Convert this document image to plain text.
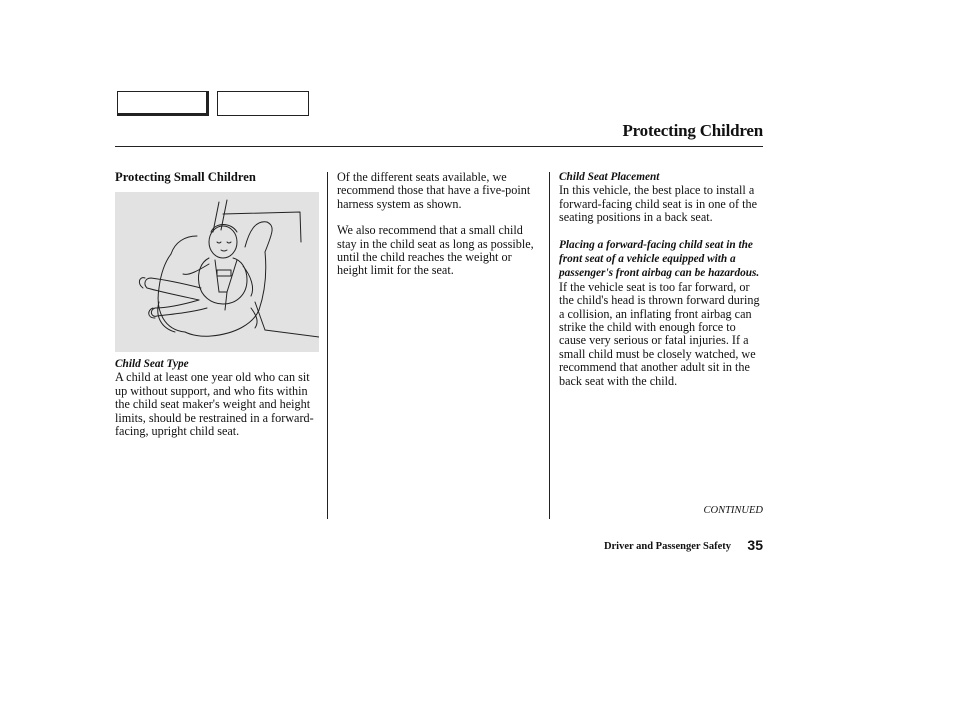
Protecting Children
Protecting Small Children
Child Seat Type

A child at least one year old who can sit up without support, and who fits within the child seat maker's weight and height limits, should be restrained in a forward-facing, upright child seat.

Of the different seats available, we recommend those that have a five-point harness system as shown.

We also recommend that a small child stay in the child seat as long as possible, until the child reaches the weight or height limit for the seat.

Child Seat Placement

In this vehicle, the best place to install a forward-facing child seat is in one of the seating positions in a back seat.

Placing a forward-facing child seat in the front seat of a vehicle equipped with a passenger's front airbag can be hazardous. If the vehicle seat is too far forward, or the child's head is thrown forward during a collision, an inflating front airbag can strike the child with enough force to cause very serious or fatal injuries. If a small child must be closely watched, we recommend that another adult sit in the back seat with the child.

CONTINUED
Driver and Passenger Safety 35
